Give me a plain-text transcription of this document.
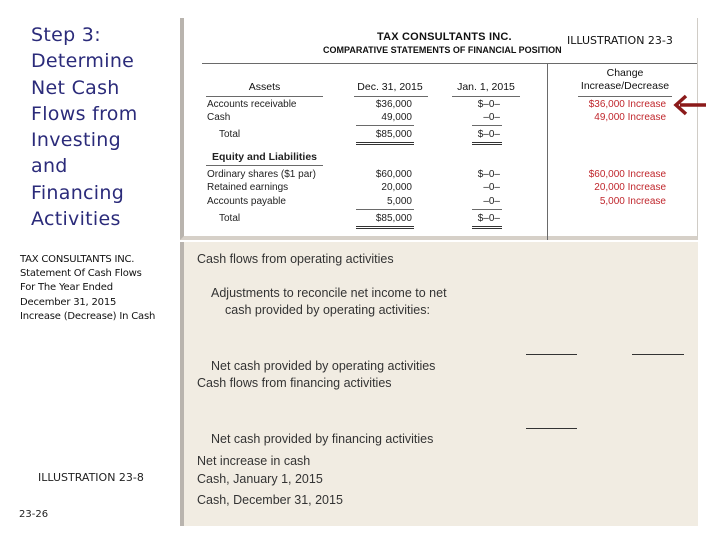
Step 3:
Determine
Net Cash
Flows from
Investing
and
Financing
Activities
TAX CONSULTANTS INC.
Statement Of Cash Flows
For The Year Ended
December 31, 2015
Increase (Decrease) In Cash
ILLUSTRATION 23-8
23-26
TAX CONSULTANTS INC.
COMPARATIVE STATEMENTS OF FINANCIAL POSITION
ILLUSTRATION 23-3
Assets	Dec. 31, 2015	Jan. 1, 2015
Change
Increase/Decrease
Accounts receivable	$36,000	$–0–	$36,000 Increase
Cash	49,000	–0–	49,000 Increase
Total	$85,000	$–0–
Equity and Liabilities
Ordinary shares ($1 par)	$60,000	$–0–	$60,000 Increase
Retained earnings	20,000	–0–	20,000 Increase
Accounts payable	5,000	–0–	5,000 Increase
Total	$85,000	$–0–
Cash flows from operating activities
Adjustments to reconcile net income to net
cash provided by operating activities:
Net cash provided by operating activities
Cash flows from financing activities
Net cash provided by financing activities
Net increase in cash
Cash, January 1, 2015
Cash, December 31, 2015
